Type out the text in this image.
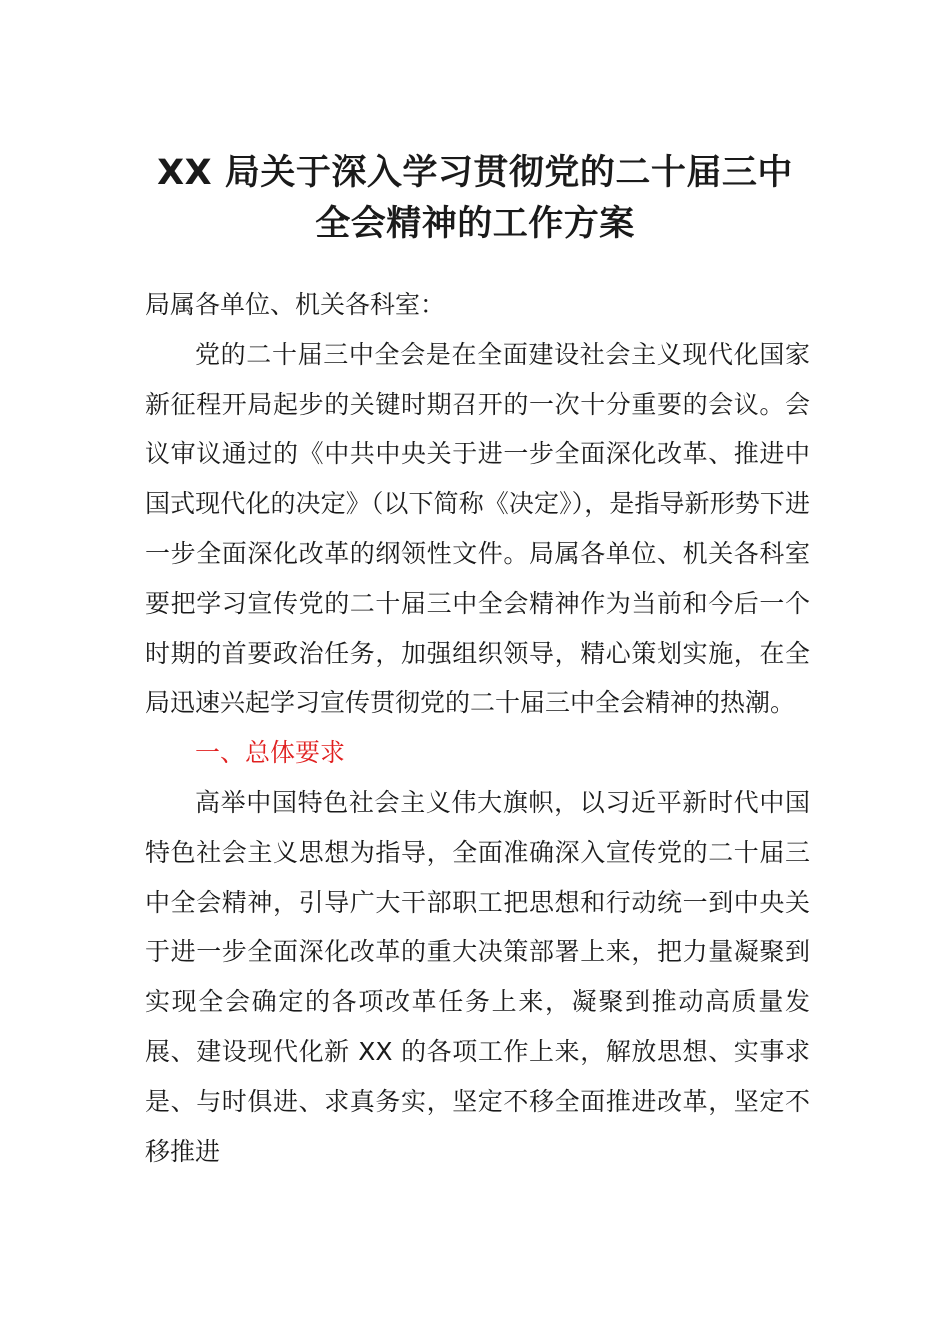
XX 局关于深入学习贯彻党的二十届三中全会精神的工作方案

局属各单位、机关各科室：

党的二十届三中全会是在全面建设社会主义现代化国家新征程开局起步的关键时期召开的一次十分重要的会议。会议审议通过的《中共中央关于进一步全面深化改革、推进中国式现代化的决定》（以下简称《决定》），是指导新形势下进一步全面深化改革的纲领性文件。局属各单位、机关各科室要把学习宣传党的二十届三中全会精神作为当前和今后一个时期的首要政治任务，加强组织领导，精心策划实施，在全局迅速兴起学习宣传贯彻党的二十届三中全会精神的热潮。

一、总体要求

高举中国特色社会主义伟大旗帜，以习近平新时代中国特色社会主义思想为指导，全面准确深入宣传党的二十届三中全会精神，引导广大干部职工把思想和行动统一到中央关于进一步全面深化改革的重大决策部署上来，把力量凝聚到实现全会确定的各项改革任务上来，凝聚到推动高质量发展、建设现代化新 XX 的各项工作上来，解放思想、实事求是、与时俱进、求真务实，坚定不移全面推进改革，坚定不移推进
